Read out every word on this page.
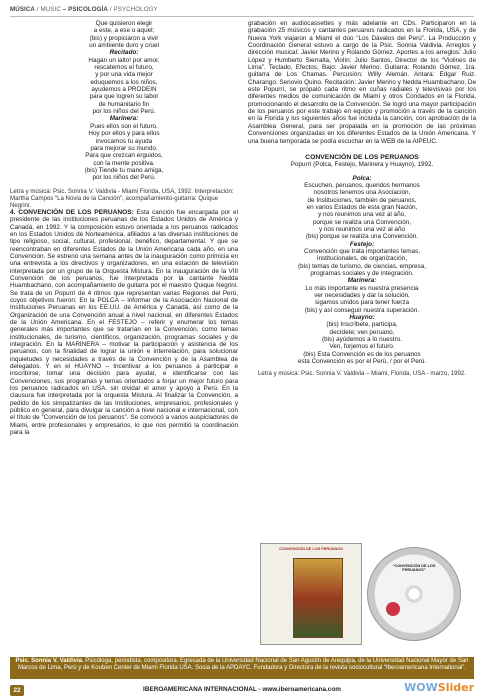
MÚSICA / MUSIC – PSICOLOGÍA / PSYCHOLOGY
Que quisieron elegir
a este, a ese o aquel;
(bis) y propiciaron a vivir
un ambiente duro y cruel
Recitado:
Hagan un ialto! por amor,
rescatemos el futuro,
y por una vida mejor
eduquemos a los niños,
ayudemos a PRODEIN
para que logren su labor
de humanitario fin
por los niños del Perú.
Marinera:
Pues ellos son el futuro.
Hoy por ellos y para ellos
invocamos tu ayuda
para mejorar su mundo.
Para que crezcan erguidos,
con la mente positiva.
(bis) Tiende tu mano amiga,
por los niños del Perú.
Letra y música: Psic. Sonnia V. Valdivia - Miami Florida, USA, 1992. Interpretación: Martha Campos “La Novia de la Canción”, acompañamiento-guitarra: Quique Negrini.
4. CONVENCIÓN DE LOS PERUANOS: Esta canción fue encargada por el presidente de las instituciones peruanas de los Estados Unidos de América y Canadá, en 1992. Y la composición estuvo orientada a los peruanos radicados en los Estados Unidos de Norteamérica, afiliados a las diversas instituciones de tipo religioso, social, cultural, profesional, benéfico, departamental. Y que se reencontraban en diferentes Estados de la Unión Americana cada año, en una Convención. Se estrenó una semana antes de la inauguración como primicia en una entrevista a los directivos y organizadores, en una estación de televisión interpretada por un grupo de la Orquesta Mistura. En la inauguración de la VIII Convención de los peruanos, fue interpretada por la cantante Nedda Huambachano, con acompañamiento de guitarra por el maestro Quique Negrini. Se trata de un Popurrí de 4 ritmos que representan varias Regiones del Perú, cuyos objetivos fueron: En la POLCA – informar de la Asociación Nacional de Instituciones Peruanas en los EE.UU. de América y Canadá, así como de la Organización de una Convención anual a nivel nacional, en diferentes Estados de la Unión Americana. En el FESTEJO – referir y enumerar los temas generales más importantes que se tratarían en la Convención, como temas institucionales, de turismo, científicos, organización, programas sociales y de integración. En la MARINERA – motivar la participación y asistencia de los peruanos, con la finalidad de lograr la unión e interrelación, para solucionar inquietudes y necesidades a través de la Convención y de la Asamblea de delegados. Y en el HUAYNO – Incentivar a los peruanos a participar e inscribirse, tomar una decisión para ayudar, e identificarse con las Convenciones, sus programas y temas orientados a forjar un mejor futuro para los peruanos radicados en USA. sin olvidar el amor y apoyo a Perú. En la clausura fue interpretada por la orquesta Mistura. Al finalizar la Convención, a pedido de los simpatizantes de las Instituciones, empresarios, profesionales y público en general, para divulgar la canción a nivel nacional e internacional, con el título de “Convención de los peruanos”. Se convocó a varios auspiciadores de Miami, entre profesionales y empresarios, lo que nos permitió la coordinación para la
grabación en audiocassettes y más adelante en CDs. Participaron en la grabación 25 músicos y cantantes peruanos radicados en la Florida, USA, y de Nueva York viajaron a Miami el dúo “Los Dávalos del Perú”. La Producción y Coordinación General estuvo a cargo de la Psic. Sonnia Valdivia. Arreglos y dirección musical: Javier Merino y Rolando Gómez. Aportes a los arreglos: Julio López y Humberto Sierralta, Violín: Julio Santos, Director de los “Violines de Lima”. Teclado, Efectos, Bajo: Javier Merino. Guitarra: Rolando Gómez, 1ra. guitarra de Los Chamas. Percusión: Willy Alemán. Antara: Edgar Ruiz. Charango: Senovio Quino. Recitación: Javier Merino y Nedda Huambachano. De este Popurrí, se propaló cada ritmo en cuñas radiales y televisivas por los diferentes medios de comunicación de Miami y otros Condados en la Florida, promocionando el desarrollo de la Convención. Se logró una mayor participación de los peruanos por este trabajo en equipo y promoción a través de la canción en la Florida y los siguientes años fue incluida la canción, con aprobación de la Asamblea General, para ser propalada en la promoción de las próximas Convenciones organizadas en los diferentes Estados de la Unión Americana. Y una buena temporada se podía escuchar en la WEB de la AIPEUC.
CONVENCIÓN DE LOS PERUANOS
Popurrí (Polca, Festejo, Marinera y Huayno), 1992.
Polca:
Escuchen, peruanos, queridos hermanos
nosotros tenemos una Asociación,
de Instituciones, también de peruanos,
en varios Estados de esta gran Nación,
y nos reunimos una vez al año,
porque se realiza una Convención,
y nos reunimos una vez al año
(bis) porque se realiza una Convención.
Festejo:
Convención que trata importantes temas,
institucionales, de organización,
(bis) temas de turismo, de ciencias, empresa,
programas sociales y de integración.
Marinera:
Lo más importante es nuestra presencia
ver necesidades y dar la solución,
sigamos unidos para tener fuerza
(bis) y así conseguir nuestra superación.
Huayno:
(bis) Inscríbete, participa,
decídete; ven peruano,
(bis) ayúdemos a lo nuestro.
Ven, forjemos el futuro.
(bis) Esta Convención es de los peruanos
esta Convención es por el Perú, / por el Perú.
Letra y música: Psic. Sonnia V. Valdivia – Miami, Florida, USA - marzo, 1992.
CONVENCIÓN DE LOS PERUANOS
“CONVENCIÓN DE LOS PERUANOS”
Psic. Sonnia V. Valdivia. Psicóloga, periodista, compositora. Egresada de la Universidad Nacional de San Agustín de Arequipa, de la Universidad Nacional Mayor de San Marcos de Lima, Perú y de Kouben Center de Miami Florida USA. Socia de la APDAYC. Fundadora y Directora de la revista sociocultural “Iberoamericana International”.
22	IBEROAMERICANA INTERNACIONAL - www.iberoamericana.com	WOWSlider
